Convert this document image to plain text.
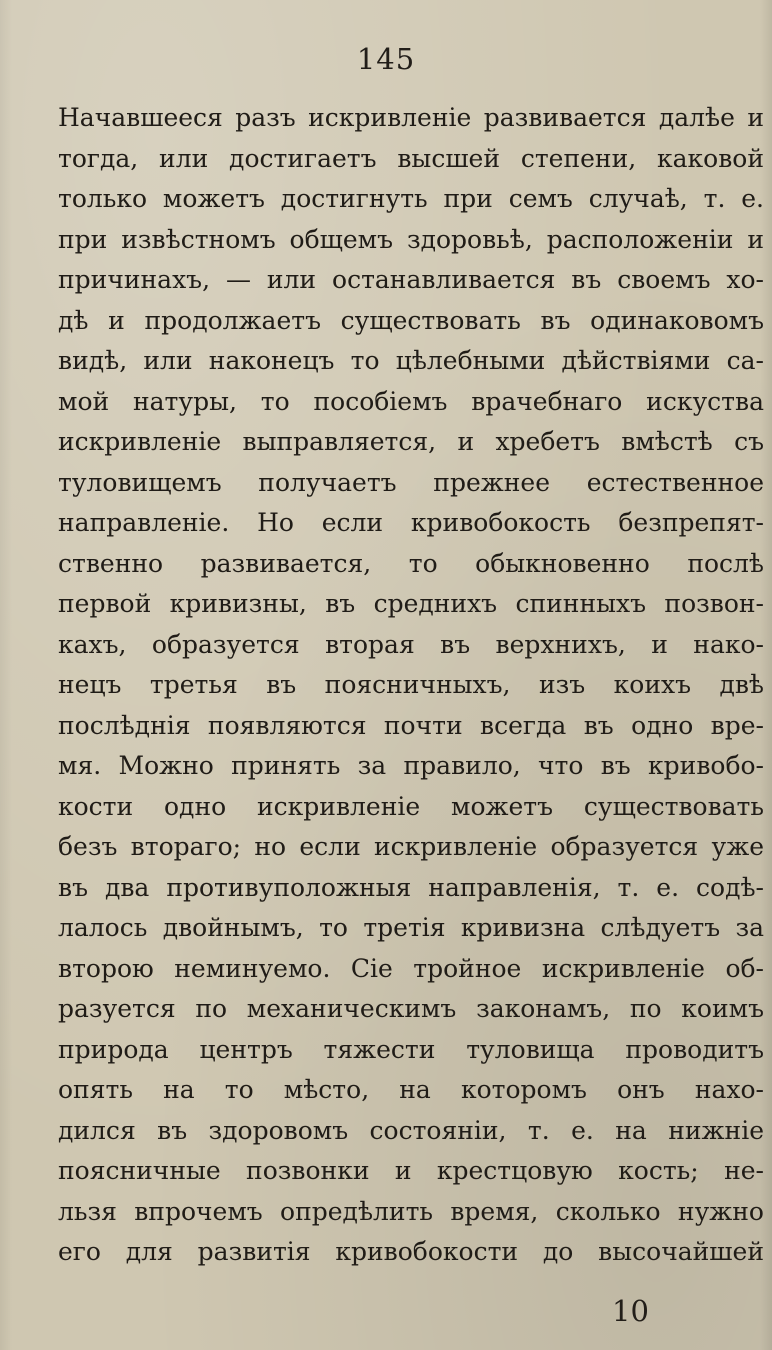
145
Начавшееся разъ искривленіе развивается далѣе и
тогда, или достигаетъ высшей степени, каковой
только можетъ достигнуть при семъ случаѣ, т. е.
при извѣстномъ общемъ здоровьѣ, расположеніи и
причинахъ, — или останавливается въ своемъ хо-
дѣ и продолжаетъ существовать въ одинаковомъ
видѣ, или наконецъ то цѣлебными дѣйствіями са-
мой натуры, то пособіемъ врачебнаго искуства
искривленіе выправляется, и хребетъ вмѣстѣ съ
туловищемъ получаетъ прежнее естественное
направленіе. Но если кривобокость безпрепят-
ственно развивается, то обыкновенно послѣ
первой кривизны, въ среднихъ спинныхъ позвон-
кахъ, образуется вторая въ верхнихъ, и нако-
нецъ третья въ поясничныхъ, изъ коихъ двѣ
послѣднія появляются почти всегда въ одно вре-
мя. Можно принять за правило, что въ кривобо-
кости одно искривленіе можетъ существовать
безъ втораго; но если искривленіе образуется уже
въ два противуположныя направленія, т. е. содѣ-
лалось двойнымъ, то третія кривизна слѣдуетъ за
второю неминуемо. Сіе тройное искривленіе об-
разуется по механическимъ законамъ, по коимъ
природа центръ тяжести туловища проводитъ
опять на то мѣсто, на которомъ онъ нахо-
дился въ здоровомъ состояніи, т. е. на нижніе
поясничные позвонки и крестцовую кость; не-
льзя впрочемъ опредѣлить время, сколько нужно
его для развитія кривобокости до высочайшей
10
